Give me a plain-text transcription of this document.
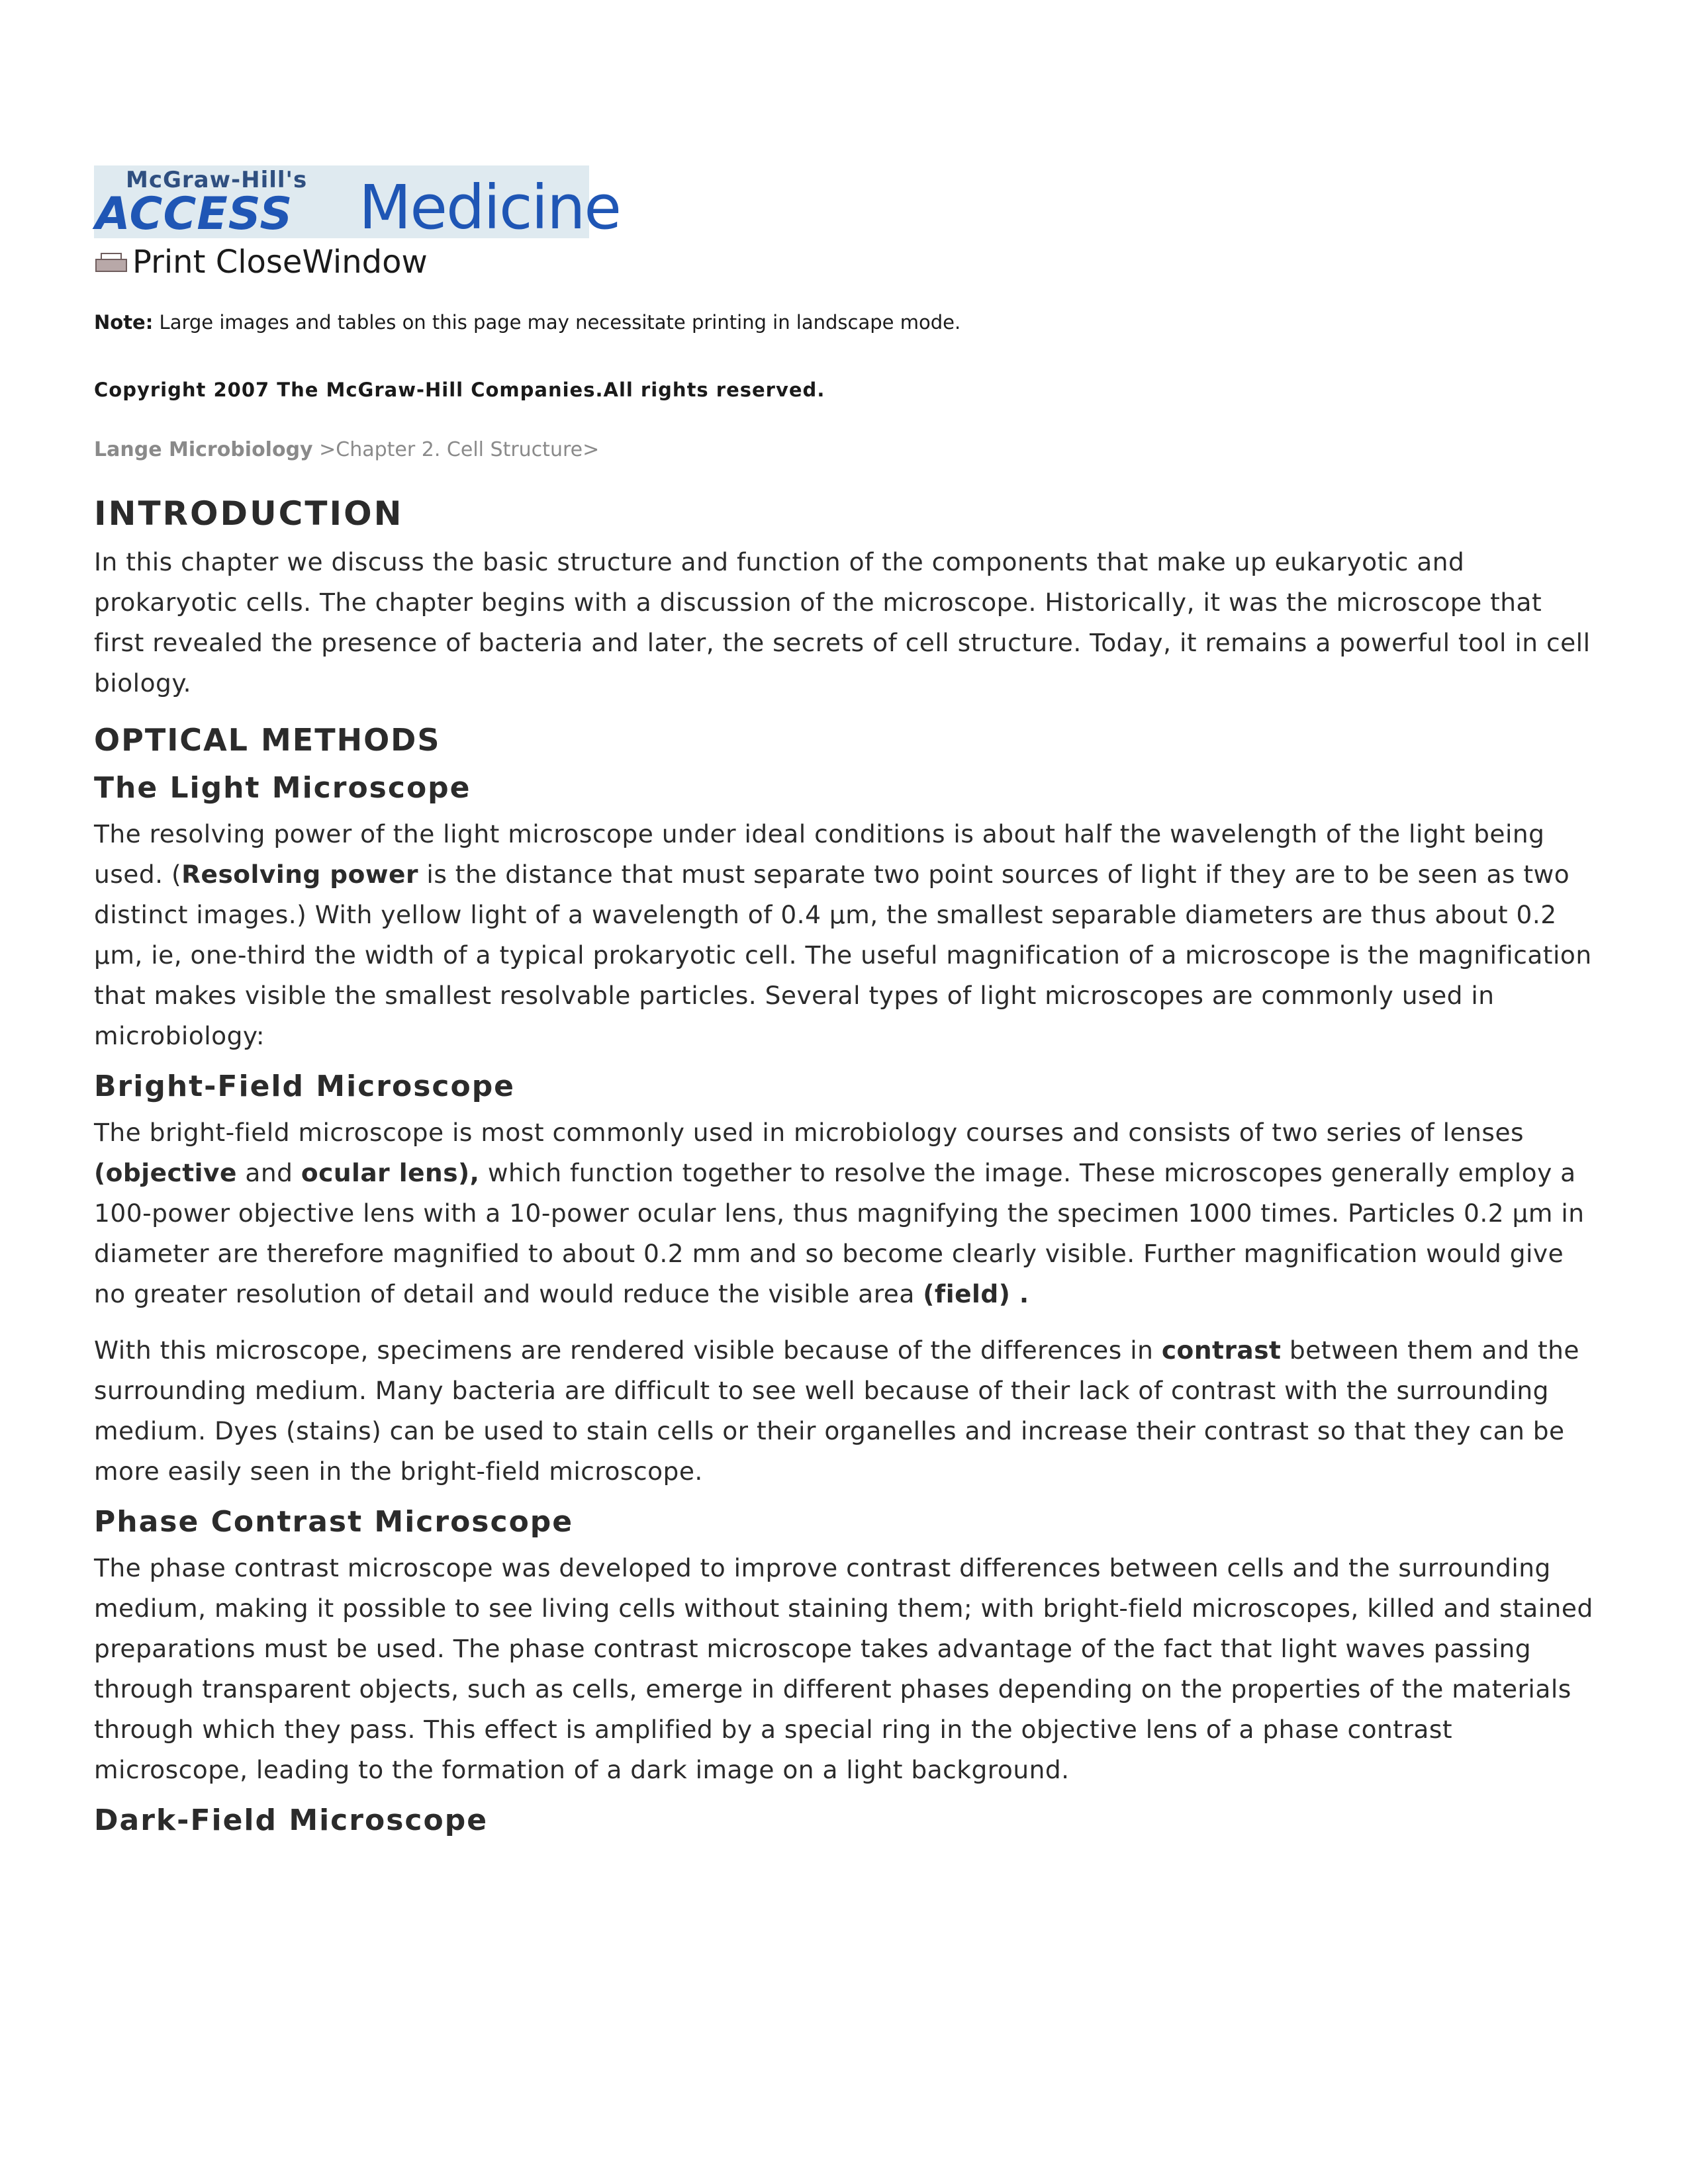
McGraw-Hill's
ACCESS Medicine
Print CloseWindow
Note: Large images and tables on this page may necessitate printing in landscape mode.
Copyright 2007 The McGraw-Hill Companies.All rights reserved.
Lange Microbiology >Chapter 2. Cell Structure>
INTRODUCTION

In this chapter we discuss the basic structure and function of the components that make up eukaryotic and prokaryotic cells. The chapter begins with a discussion of the microscope. Historically, it was the microscope that first revealed the presence of bacteria and later, the secrets of cell structure. Today, it remains a powerful tool in cell biology.

OPTICAL METHODS
The Light Microscope

The resolving power of the light microscope under ideal conditions is about half the wavelength of the light being used. (Resolving power is the distance that must separate two point sources of light if they are to be seen as two distinct images.) With yellow light of a wavelength of 0.4 µm, the smallest separable diameters are thus about 0.2 µm, ie, one-third the width of a typical prokaryotic cell. The useful magnification of a microscope is the magnification that makes visible the smallest resolvable particles. Several types of light microscopes are commonly used in microbiology:

Bright-Field Microscope

The bright-field microscope is most commonly used in microbiology courses and consists of two series of lenses (objective and ocular lens), which function together to resolve the image. These microscopes generally employ a 100-power objective lens with a 10-power ocular lens, thus magnifying the specimen 1000 times. Particles 0.2 µm in diameter are therefore magnified to about 0.2 mm and so become clearly visible. Further magnification would give no greater resolution of detail and would reduce the visible area (field) .

With this microscope, specimens are rendered visible because of the differences in contrast between them and the surrounding medium. Many bacteria are difficult to see well because of their lack of contrast with the surrounding medium. Dyes (stains) can be used to stain cells or their organelles and increase their contrast so that they can be more easily seen in the bright-field microscope.

Phase Contrast Microscope

The phase contrast microscope was developed to improve contrast differences between cells and the surrounding medium, making it possible to see living cells without staining them; with bright-field microscopes, killed and stained preparations must be used. The phase contrast microscope takes advantage of the fact that light waves passing through transparent objects, such as cells, emerge in different phases depending on the properties of the materials through which they pass. This effect is amplified by a special ring in the objective lens of a phase contrast microscope, leading to the formation of a dark image on a light background.

Dark-Field Microscope
